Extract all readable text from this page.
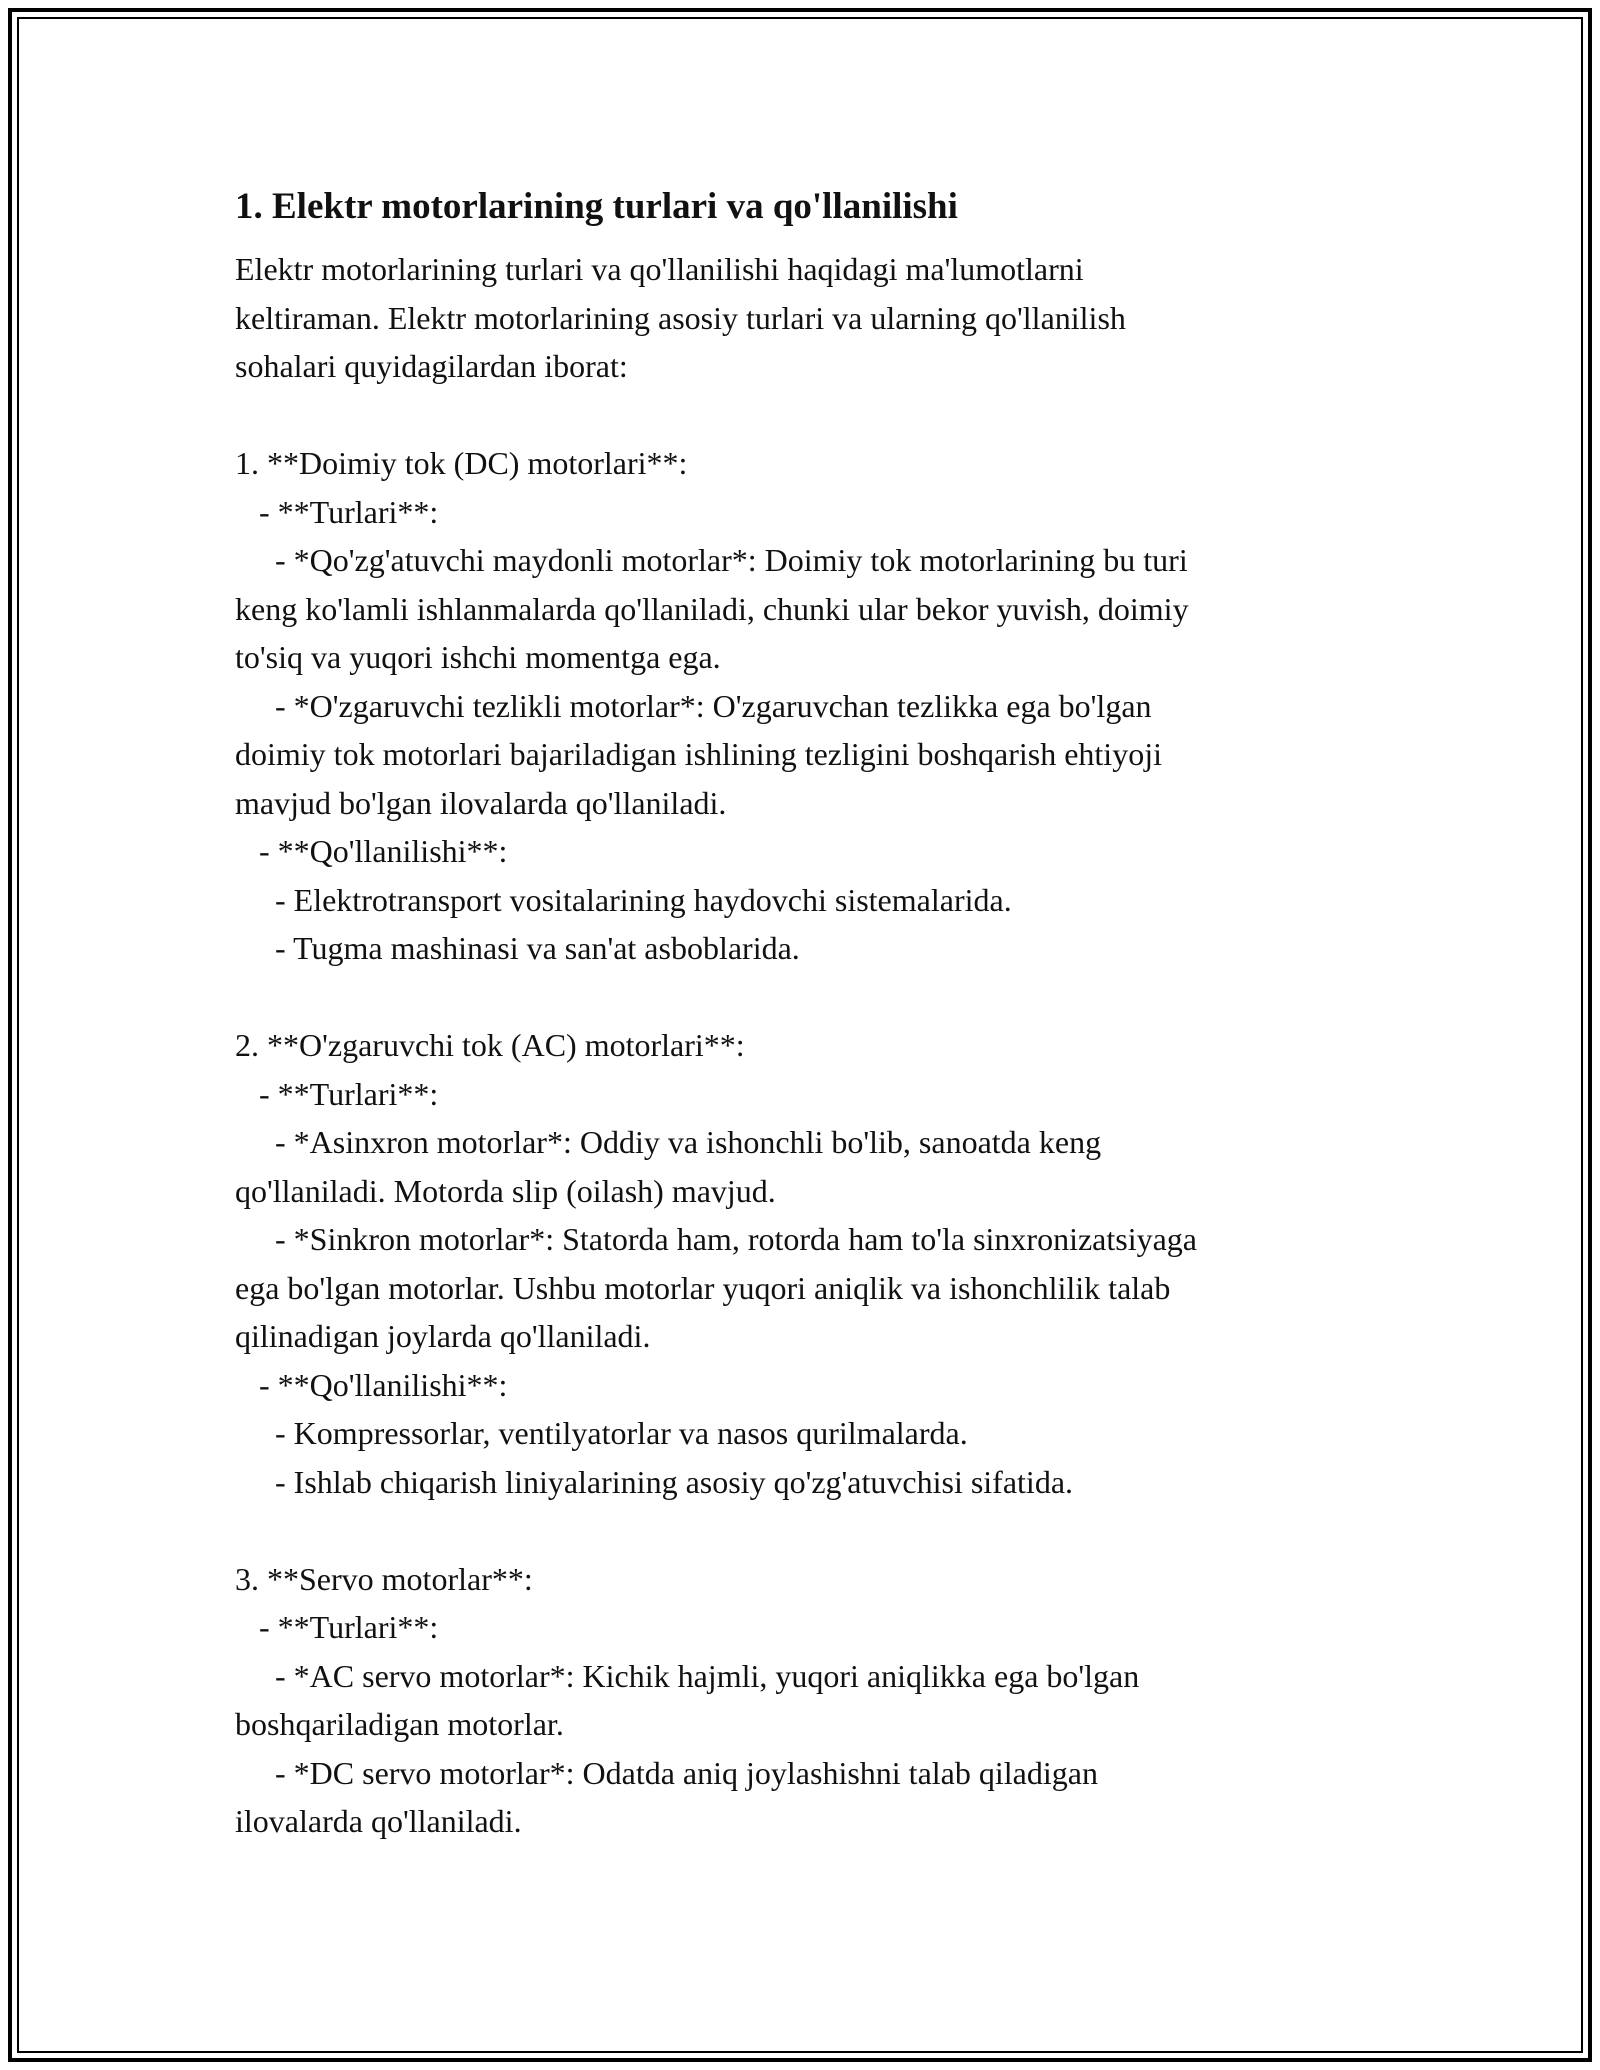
1. Elektr motorlarining turlari va qo'llanilishi

Elektr motorlarining turlari va qo'llanilishi haqidagi ma'lumotlarni
keltiraman. Elektr motorlarining asosiy turlari va ularning qo'llanilish
sohalari quyidagilardan iborat:

1. **Doimiy tok (DC) motorlari**:
- **Turlari**:
- *Qo'zg'atuvchi maydonli motorlar*: Doimiy tok motorlarining bu turi
keng ko'lamli ishlanmalarda qo'llaniladi, chunki ular bekor yuvish, doimiy
to'siq va yuqori ishchi momentga ega.
- *O'zgaruvchi tezlikli motorlar*: O'zgaruvchan tezlikka ega bo'lgan
doimiy tok motorlari bajariladigan ishlining tezligini boshqarish ehtiyoji
mavjud bo'lgan ilovalarda qo'llaniladi.
- **Qo'llanilishi**:
- Elektrotransport vositalarining haydovchi sistemalarida.
- Tugma mashinasi va san'at asboblarida.

2. **O'zgaruvchi tok (AC) motorlari**:
- **Turlari**:
- *Asinxron motorlar*: Oddiy va ishonchli bo'lib, sanoatda keng
qo'llaniladi. Motorda slip (oilash) mavjud.
- *Sinkron motorlar*: Statorda ham, rotorda ham to'la sinxronizatsiyaga
ega bo'lgan motorlar. Ushbu motorlar yuqori aniqlik va ishonchlilik talab
qilinadigan joylarda qo'llaniladi.
- **Qo'llanilishi**:
- Kompressorlar, ventilyatorlar va nasos qurilmalarda.
- Ishlab chiqarish liniyalarining asosiy qo'zg'atuvchisi sifatida.

3. **Servo motorlar**:
- **Turlari**:
- *AC servo motorlar*: Kichik hajmli, yuqori aniqlikka ega bo'lgan
boshqariladigan motorlar.
- *DC servo motorlar*: Odatda aniq joylashishni talab qiladigan
ilovalarda qo'llaniladi.
